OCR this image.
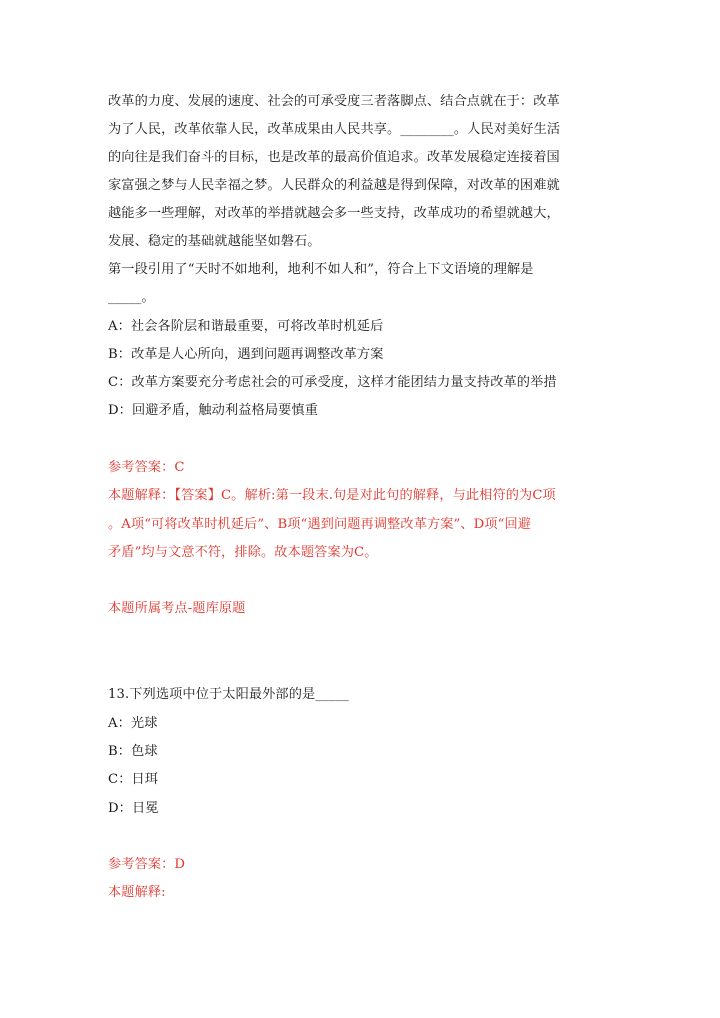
改革的力度、发展的速度、社会的可承受度三者落脚点、结合点就在于：改革
为了人民，改革依靠人民，改革成果由人民共享。________。人民对美好生活
的向往是我们奋斗的目标，也是改革的最高价值追求。改革发展稳定连接着国
家富强之梦与人民幸福之梦。人民群众的利益越是得到保障，对改革的困难就
越能多一些理解，对改革的举措就越会多一些支持，改革成功的希望就越大，
发展、稳定的基础就越能坚如磐石。
第一段引用了“天时不如地利，地利不如人和”，符合上下文语境的理解是
_____。
A：社会各阶层和谐最重要，可将改革时机延后
B：改革是人心所向，遇到问题再调整改革方案
C：改革方案要充分考虑社会的可承受度，这样才能团结力量支持改革的举措
D：回避矛盾，触动利益格局要慎重
参考答案：C
本题解释：【答案】C。解析:第一段末.句是对此句的解释，与此相符的为C项
。A项“可将改革时机延后”、B项“遇到问题再调整改革方案”、D项“回避
矛盾”均与文意不符，排除。故本题答案为C。
本题所属考点-题库原题
13.下列选项中位于太阳最外部的是_____
A：光球
B：色球
C：日珥
D：日冕
参考答案：D
本题解释:
